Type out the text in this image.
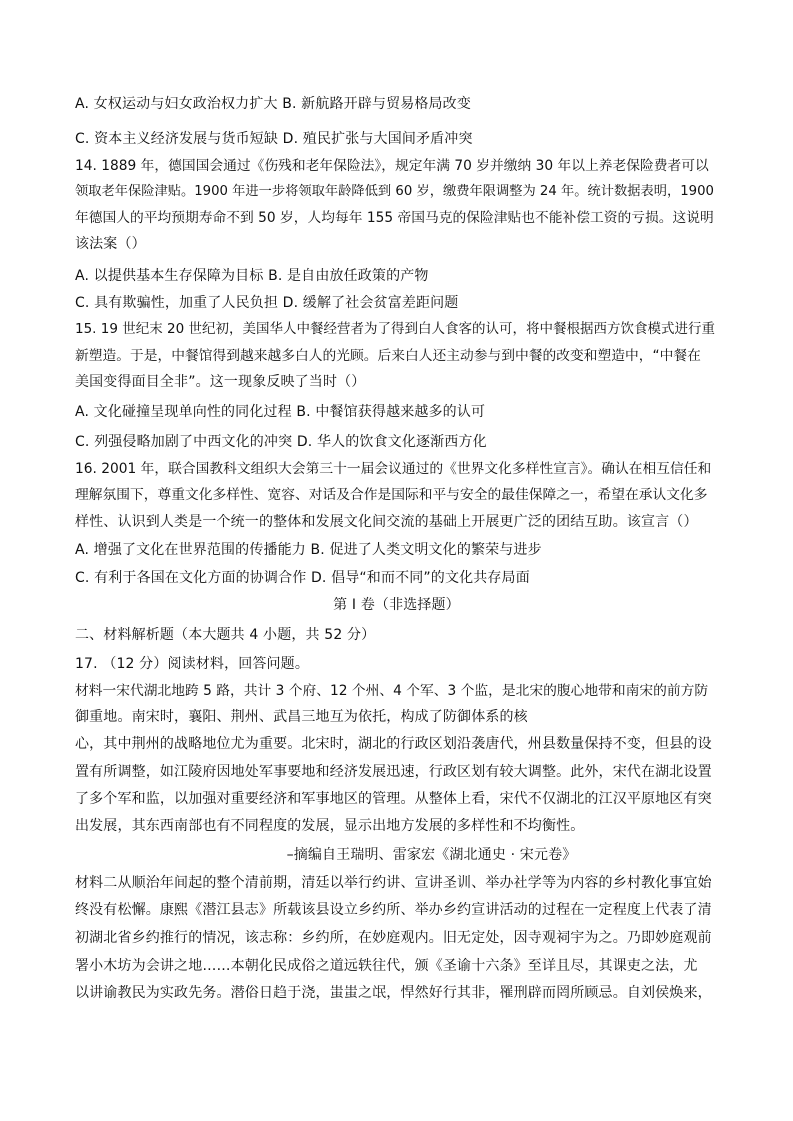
A. 女权运动与妇女政治权力扩大 B. 新航路开辟与贸易格局改变
C. 资本主义经济发展与货币短缺 D. 殖民扩张与大国间矛盾冲突
14. 1889 年，德国国会通过《伤残和老年保险法》，规定年满 70 岁并缴纳 30 年以上养老保险费者可以
领取老年保险津贴。1900 年进一步将领取年龄降低到 60 岁，缴费年限调整为 24 年。统计数据表明，1900
年德国人的平均预期寿命不到 50 岁，人均每年 155 帝国马克的保险津贴也不能补偿工资的亏损。这说明
该法案（）
A. 以提供基本生存保障为目标 B. 是自由放任政策的产物
C. 具有欺骗性，加重了人民负担 D. 缓解了社会贫富差距问题
15. 19 世纪末 20 世纪初，美国华人中餐经营者为了得到白人食客的认可，将中餐根据西方饮食模式进行重
新塑造。于是，中餐馆得到越来越多白人的光顾。后来白人还主动参与到中餐的改变和塑造中，“中餐在
美国变得面目全非”。这一现象反映了当时（）
A. 文化碰撞呈现单向性的同化过程 B. 中餐馆获得越来越多的认可
C. 列强侵略加剧了中西文化的冲突 D. 华人的饮食文化逐渐西方化
16. 2001 年，联合国教科文组织大会第三十一届会议通过的《世界文化多样性宣言》。确认在相互信任和
理解氛围下，尊重文化多样性、宽容、对话及合作是国际和平与安全的最佳保障之一，希望在承认文化多
样性、认识到人类是一个统一的整体和发展文化间交流的基础上开展更广泛的团结互助。该宣言（）
A. 增强了文化在世界范围的传播能力 B. 促进了人类文明文化的繁荣与进步
C. 有利于各国在文化方面的协调合作 D. 倡导“和而不同”的文化共存局面
第 I 卷（非选择题）
二、材料解析题（本大题共 4 小题，共 52 分）
17. （12 分）阅读材料，回答问题。
材料一宋代湖北地跨 5 路，共计 3 个府、12 个州、4 个军、3 个监，是北宋的腹心地带和南宋的前方防
御重地。南宋时，襄阳、荆州、武昌三地互为依托，构成了防御体系的核
心，其中荆州的战略地位尤为重要。北宋时，湖北的行政区划沿袭唐代，州县数量保持不变，但县的设
置有所调整，如江陵府因地处军事要地和经济发展迅速，行政区划有较大调整。此外，宋代在湖北设置
了多个军和监，以加强对重要经济和军事地区的管理。从整体上看，宋代不仅湖北的江汉平原地区有突
出发展，其东西南部也有不同程度的发展，显示出地方发展的多样性和不均衡性。
–摘编自王瑞明、雷家宏《湖北通史 · 宋元卷》
材料二从顺治年间起的整个清前期，清廷以举行约讲、宣讲圣训、举办社学等为内容的乡村教化事宜始
终没有松懈。康熙《潜江县志》所载该县设立乡约所、举办乡约宣讲活动的过程在一定程度上代表了清
初湖北省乡约推行的情况，该志称：乡约所，在妙庭观内。旧无定处，因寺观祠宇为之。乃即妙庭观前
署小木坊为会讲之地……本朝化民成俗之道远轶往代，颁《圣谕十六条》至详且尽，其课吏之法，尤
以讲谕教民为实政先务。潜俗日趋于浇，蚩蚩之氓，悍然好行其非，罹刑辟而罔所顾忌。自刘侯焕来，
